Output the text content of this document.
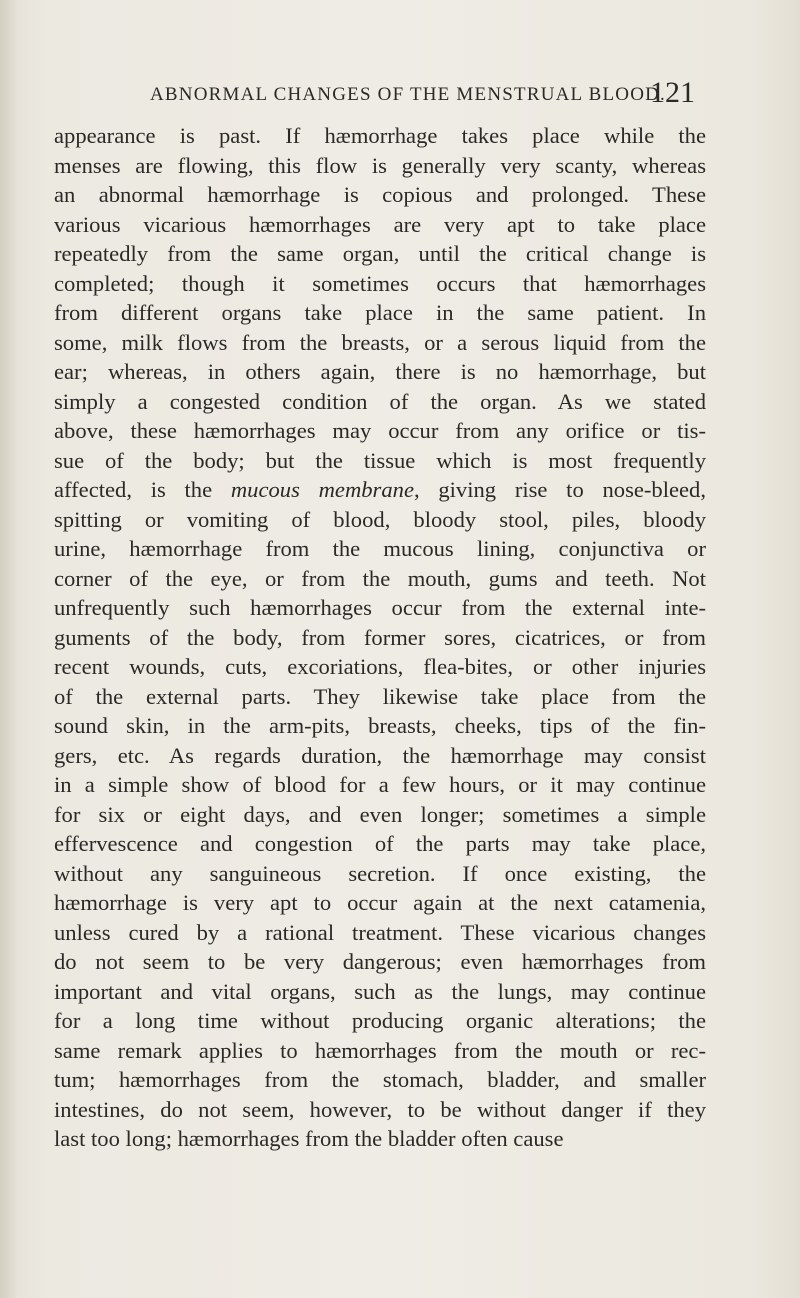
ABNORMAL CHANGES OF THE MENSTRUAL BLOOD.
121
appearance is past. If hæmorrhage takes place while the
menses are flowing, this flow is generally very scanty, whereas
an abnormal hæmorrhage is copious and prolonged. These
various vicarious hæmorrhages are very apt to take place
repeatedly from the same organ, until the critical change is
completed; though it sometimes occurs that hæmorrhages
from different organs take place in the same patient. In
some, milk flows from the breasts, or a serous liquid from the
ear; whereas, in others again, there is no hæmorrhage, but
simply a congested condition of the organ. As we stated
above, these hæmorrhages may occur from any orifice or tis-
sue of the body; but the tissue which is most frequently
affected, is the mucous membrane, giving rise to nose-bleed,
spitting or vomiting of blood, bloody stool, piles, bloody
urine, hæmorrhage from the mucous lining, conjunctiva or
corner of the eye, or from the mouth, gums and teeth. Not
unfrequently such hæmorrhages occur from the external inte-
guments of the body, from former sores, cicatrices, or from
recent wounds, cuts, excoriations, flea-bites, or other injuries
of the external parts. They likewise take place from the
sound skin, in the arm-pits, breasts, cheeks, tips of the fin-
gers, etc. As regards duration, the hæmorrhage may consist
in a simple show of blood for a few hours, or it may continue
for six or eight days, and even longer; sometimes a simple
effervescence and congestion of the parts may take place,
without any sanguineous secretion. If once existing, the
hæmorrhage is very apt to occur again at the next catamenia,
unless cured by a rational treatment. These vicarious changes
do not seem to be very dangerous; even hæmorrhages from
important and vital organs, such as the lungs, may continue
for a long time without producing organic alterations; the
same remark applies to hæmorrhages from the mouth or rec-
tum; hæmorrhages from the stomach, bladder, and smaller
intestines, do not seem, however, to be without danger if they
last too long; hæmorrhages from the bladder often cause
